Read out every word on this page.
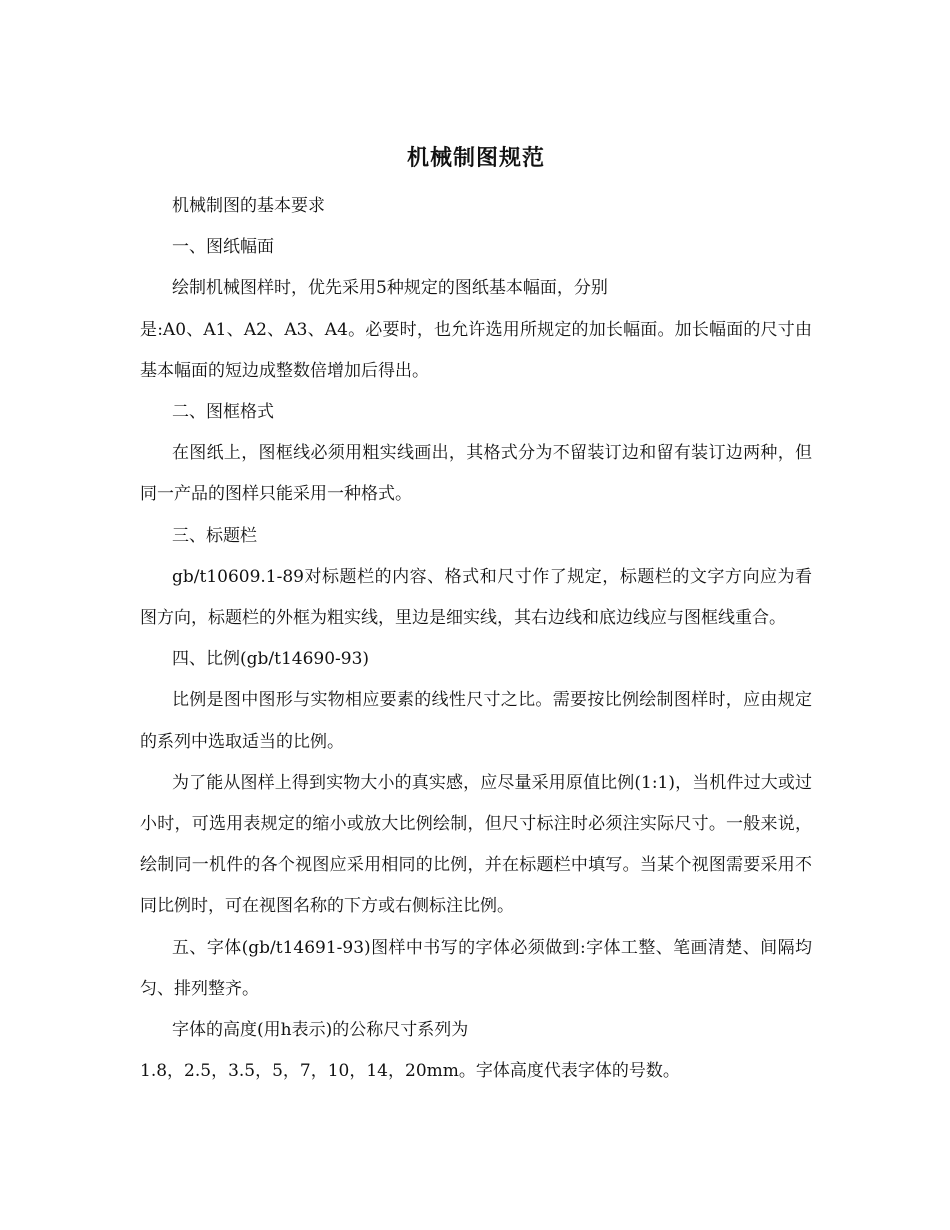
机械制图规范

机械制图的基本要求

一、图纸幅面

绘制机械图样时，优先采用5种规定的图纸基本幅面，分别

是:A0、A1、A2、A3、A4。必要时，也允许选用所规定的加长幅面。加长幅面的尺寸由基本幅面的短边成整数倍增加后得出。

二、图框格式

在图纸上，图框线必须用粗实线画出，其格式分为不留装订边和留有装订边两种，但同一产品的图样只能采用一种格式。

三、标题栏

gb/t10609.1-89对标题栏的内容、格式和尺寸作了规定，标题栏的文字方向应为看图方向，标题栏的外框为粗实线，里边是细实线，其右边线和底边线应与图框线重合。

四、比例(gb/t14690-93)

比例是图中图形与实物相应要素的线性尺寸之比。需要按比例绘制图样时，应由规定的系列中选取适当的比例。

为了能从图样上得到实物大小的真实感，应尽量采用原值比例(1:1)，当机件过大或过小时，可选用表规定的缩小或放大比例绘制，但尺寸标注时必须注实际尺寸。一般来说，绘制同一机件的各个视图应采用相同的比例，并在标题栏中填写。当某个视图需要采用不同比例时，可在视图名称的下方或右侧标注比例。

五、字体(gb/t14691-93)图样中书写的字体必须做到:字体工整、笔画清楚、间隔均匀、排列整齐。

字体的高度(用h表示)的公称尺寸系列为

1.8，2.5，3.5，5，7，10，14，20mm。字体高度代表字体的号数。
